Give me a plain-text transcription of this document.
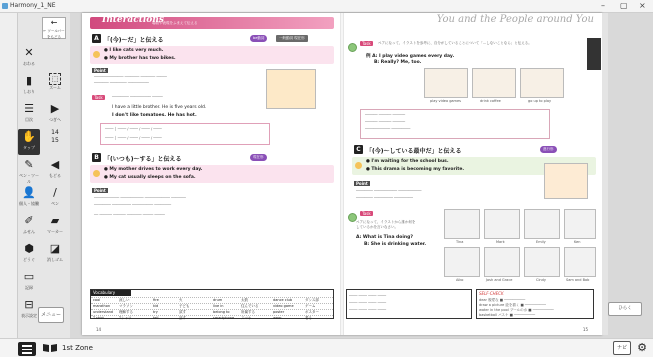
Harmony_1_NE	– ▢ ×
←
← ツールバーをもどる
✕
おわる
⬚
ズーム
▮
しおり
▶
つぎへ
☰
目次
14 15
✋
タップ
◀
もどる
✎
ペン・ツール
/
ペン
👤
個人・協働
▰
マーカー
✐
ふせん
◪
消しゴム
⬢
どうぐ
▭
記録
⊟
表示設定 メニュー
Interactions
場面や表現をふまえて伝える
A 「(今)〜だ」と伝える	be動詞	一般動詞 現在形
● I like cats very much.
● My brother has two bikes.
Point
────────────── ─────── ─────── ─────
─────── ──────── ──────────
Task	──────── ────────── ─────
I have a little brother. He is five years old.
I don't like tomatoes. He has hot.
──── │ ──── / ──── / ──── / ────
──── │ ──── / ──── / ──── / ────
B 「(いつも)〜する」と伝える	現在形
● My mother drives to work every day.
● My cat usually sleeps on the sofa.
Point
──────────── ─────────── ──────────── ───────
──────── ───────── ────────── ────────
── ────── ────── ─────── ───── ─────
Vocabulary
cool	涼しい	fire	火	drum	太鼓	dance club	ダンス部
marathon	マラソン	kid	子ども	live in	住んでいる	video game	ゲーム
understand 理解する	try	試す	belong to	所属する	poster	ポスター
T-shirt	Tシャツ	tell	話す	smartphone スマホ	wear	着る
14
You and the People around You
Task	ペアになって、イラストを参考に、自分がしていることについて「…しないことなら」と伝える。
例 A: I play video games every day.
B: Really? Me, too.
play video games	drink coffee	go up to play
────── ────── ──────
────── ────── ──────
──────────── ─────────
C 「(今)〜している最中だ」と伝える	進行形
● I'm waiting for the school bus.
● This drama is becoming my favorite.
Point
──────── ─────────── ───────────
──────── ───────── ─────────
Task
ペアになって、イラストから誰か何をしているかを言いなさい。
A: What is Tina doing?
B: She is drinking water.	Tina	Mark	Emily	Ken
Aiko	Josh and Grace	Cindy	Sam and Bob
SELF-CHECK
dear 親愛な ■ ──────────
draw a picture 絵を描く ■ ──────────
water in the pool プールの水 ■ ──────────
basketball バスケ ■ ──────────
──── ──── ──── ────
──── ──── ──── ────
──── ──── ──── ────
15
ひらく
1st Zone	ナビ ⚙
